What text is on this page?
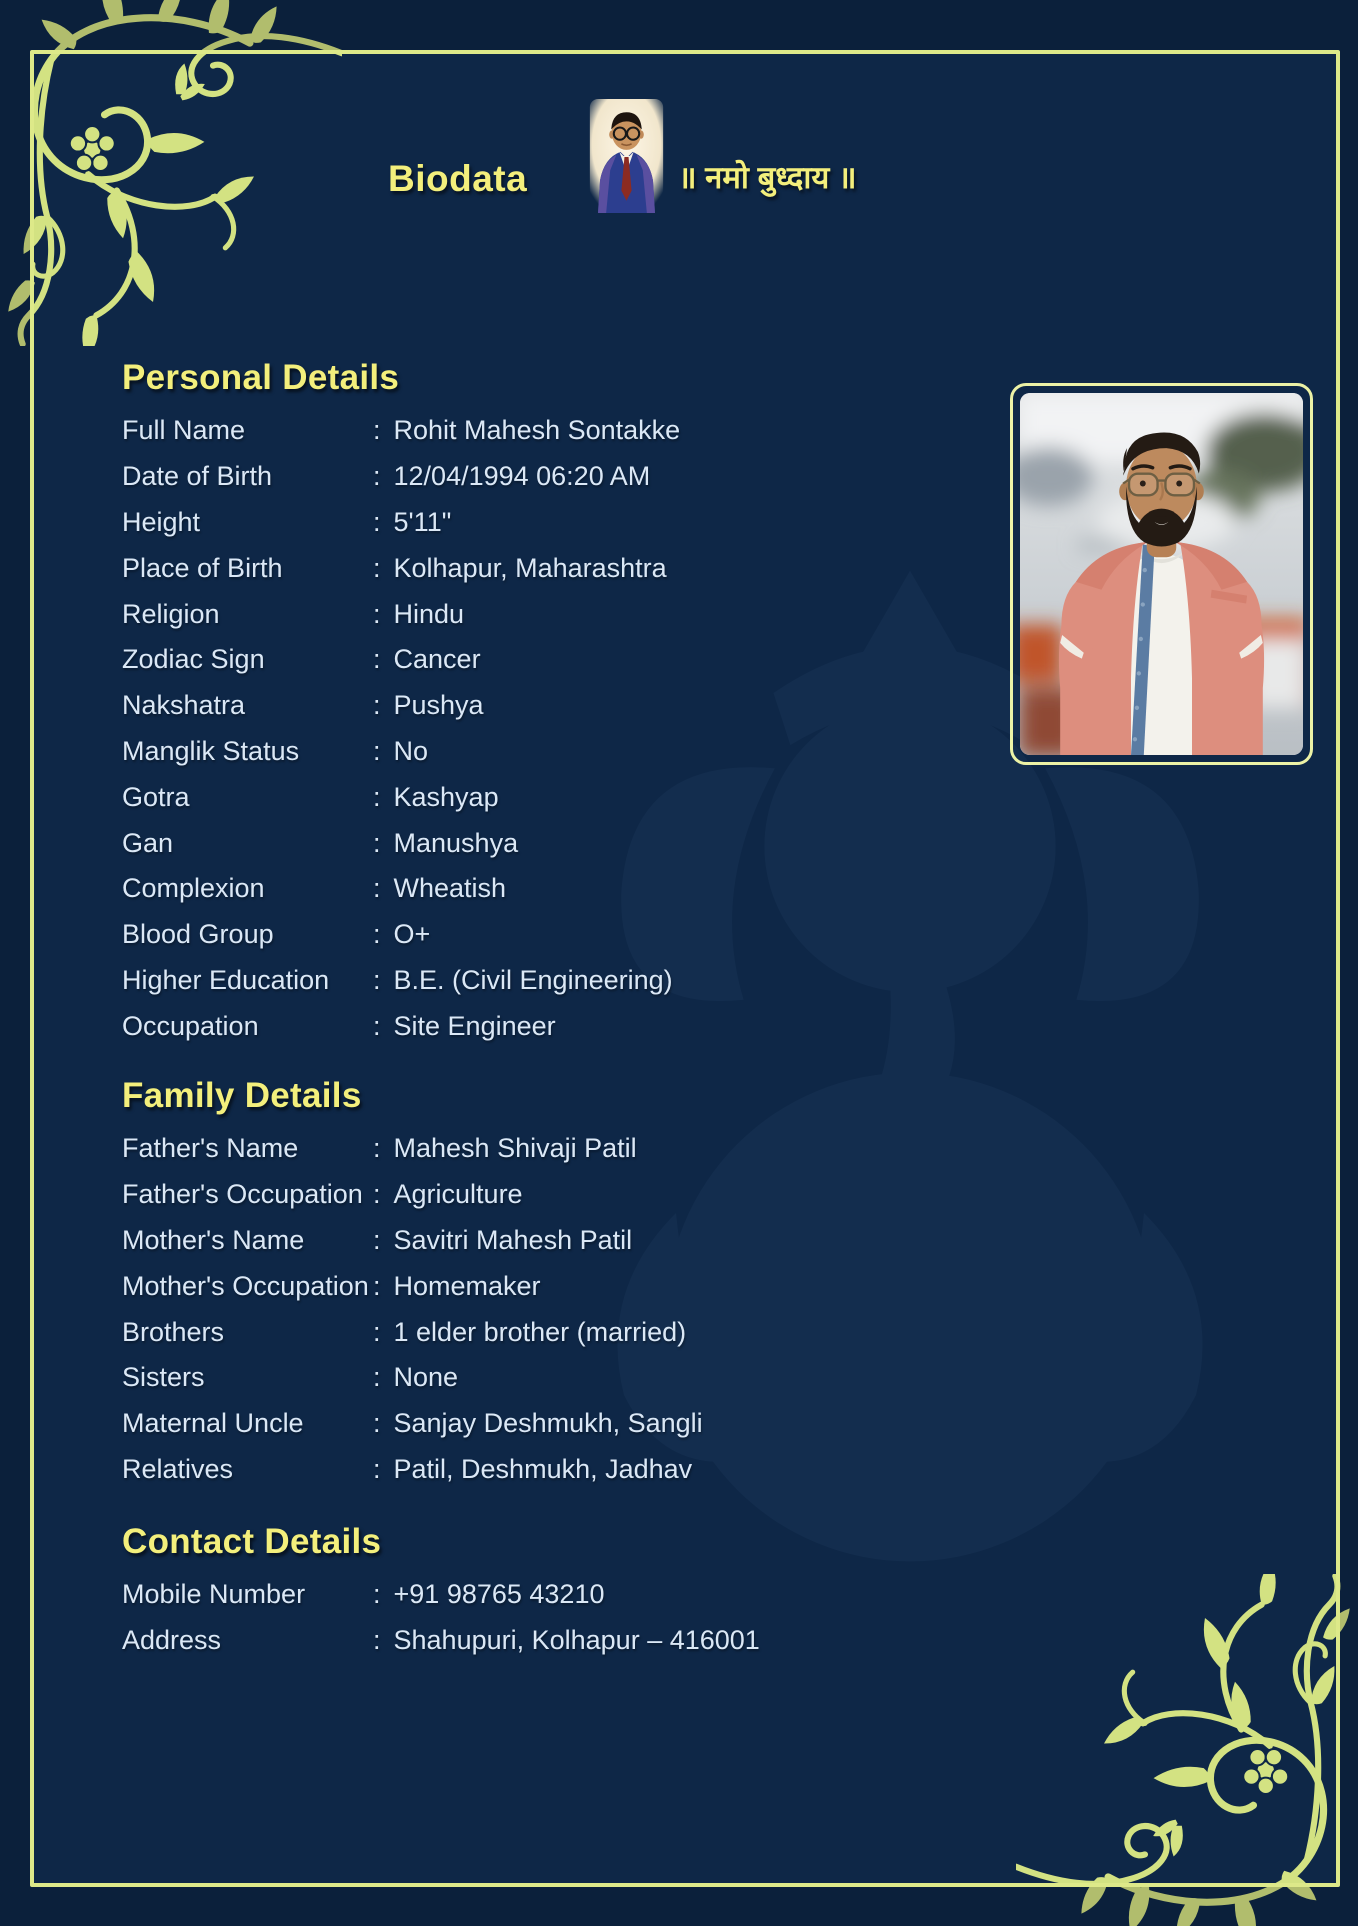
Biodata	॥ नमो बुध्दाय ॥
Personal Details
Full Name	: Rohit Mahesh Sontakke
Date of Birth	: 12/04/1994 06:20 AM
Height	: 5'11"
Place of Birth	: Kolhapur, Maharashtra
Religion	: Hindu
Zodiac Sign	: Cancer
Nakshatra	: Pushya
Manglik Status	: No
Gotra	: Kashyap
Gan	: Manushya
Complexion	: Wheatish
Blood Group	: O+
Higher Education	: B.E. (Civil Engineering)
Occupation	: Site Engineer
Family Details
Father's Name	: Mahesh Shivaji Patil
Father's Occupation : Agriculture
Mother's Name	: Savitri Mahesh Patil
Mother's Occupation : Homemaker
Brothers	: 1 elder brother (married)
Sisters	: None
Maternal Uncle	: Sanjay Deshmukh, Sangli
Relatives	: Patil, Deshmukh, Jadhav
Contact Details
Mobile Number	: +91 98765 43210
Address	: Shahupuri, Kolhapur – 416001
